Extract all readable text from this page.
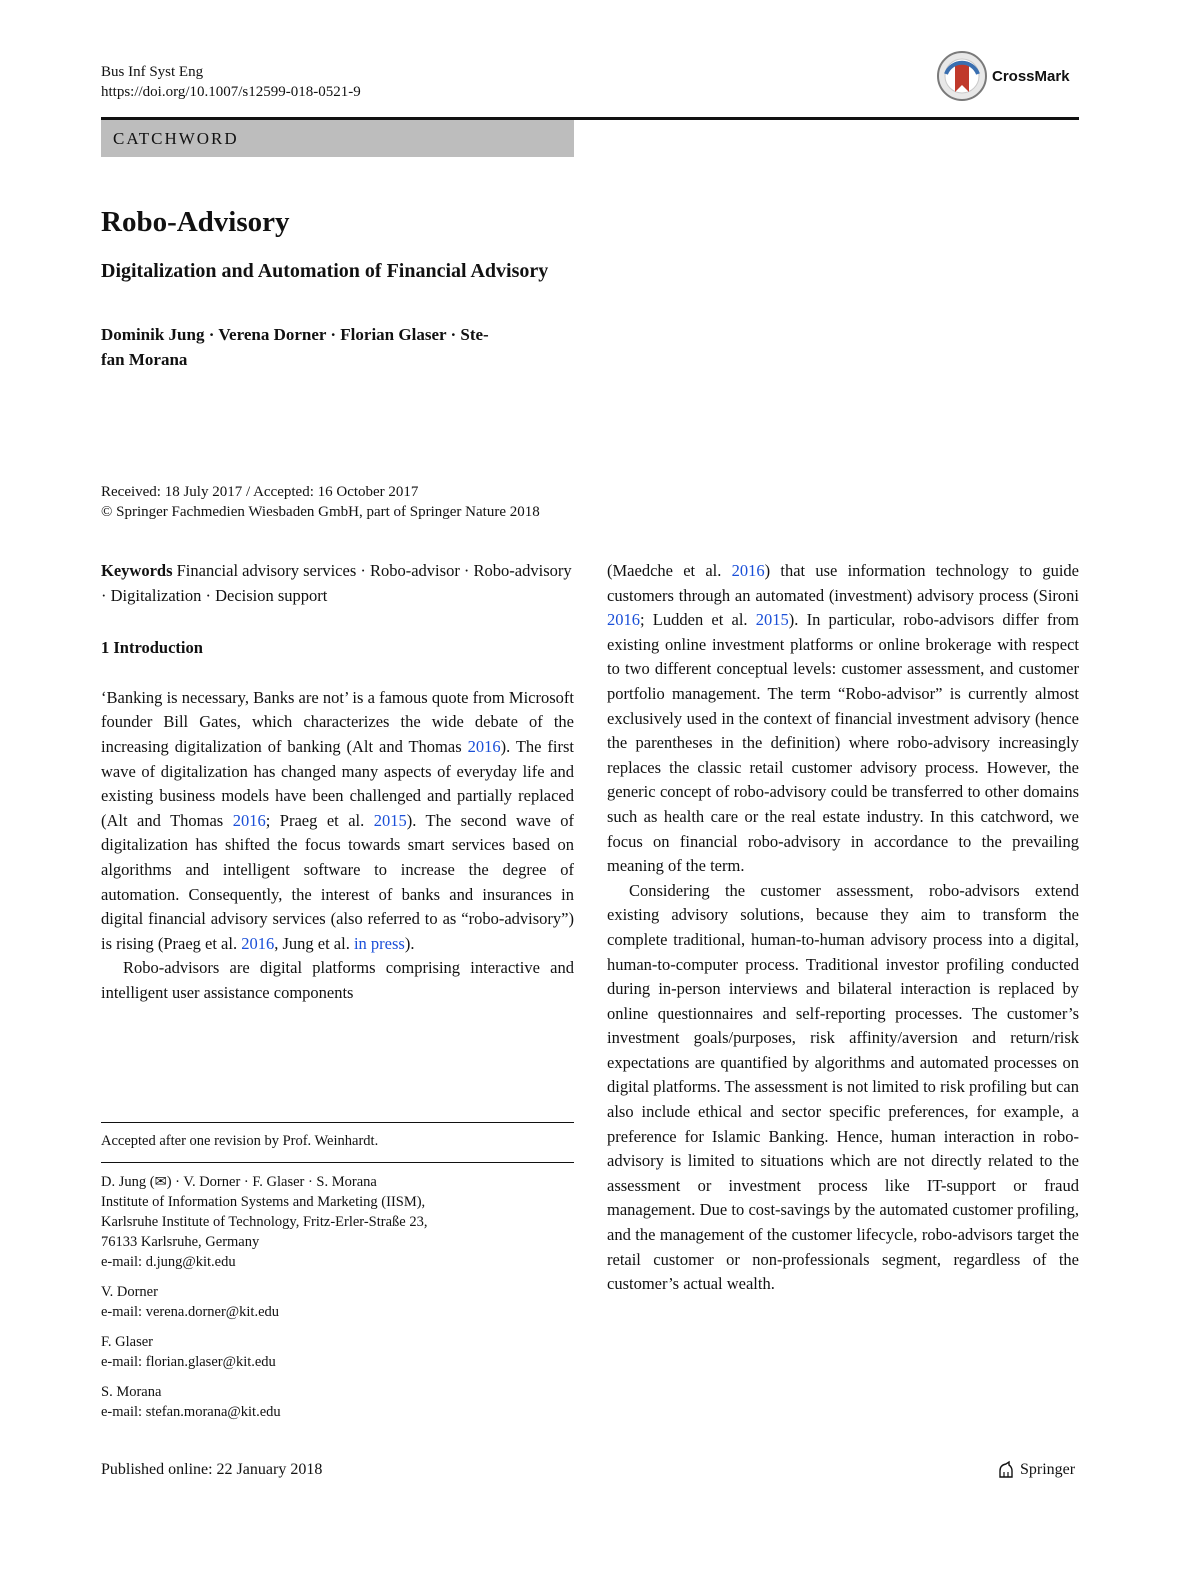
Bus Inf Syst Eng
https://doi.org/10.1007/s12599-018-0521-9
CrossMark
CATCHWORD
Robo-Advisory
Digitalization and Automation of Financial Advisory
Dominik Jung · Verena Dorner · Florian Glaser · Ste-
fan Morana
Received: 18 July 2017 / Accepted: 16 October 2017
© Springer Fachmedien Wiesbaden GmbH, part of Springer Nature 2018

Keywords Financial advisory services · Robo-advisor · Robo-advisory · Digitalization · Decision support

1 Introduction

‘Banking is necessary, Banks are not’ is a famous quote from Microsoft founder Bill Gates, which characterizes the wide debate of the increasing digitalization of banking (Alt and Thomas 2016). The first wave of digitalization has changed many aspects of everyday life and existing business models have been challenged and partially replaced (Alt and Thomas 2016; Praeg et al. 2015). The second wave of digitalization has shifted the focus towards smart services based on algorithms and intelligent software to increase the degree of automation. Consequently, the interest of banks and insurances in digital financial advisory services (also referred to as “robo-advisory”) is rising (Praeg et al. 2016, Jung et al. in press).

Robo-advisors are digital platforms comprising interactive and intelligent user assistance components

Accepted after one revision by Prof. Weinhardt.

D. Jung (✉) · V. Dorner · F. Glaser · S. Morana
Institute of Information Systems and Marketing (IISM),
Karlsruhe Institute of Technology, Fritz-Erler-Straße 23,
76133 Karlsruhe, Germany
e-mail: d.jung@kit.edu

V. Dorner
e-mail: verena.dorner@kit.edu

F. Glaser
e-mail: florian.glaser@kit.edu

S. Morana
e-mail: stefan.morana@kit.edu

(Maedche et al. 2016) that use information technology to guide customers through an automated (investment) advisory process (Sironi 2016; Ludden et al. 2015). In particular, robo-advisors differ from existing online investment platforms or online brokerage with respect to two different conceptual levels: customer assessment, and customer portfolio management. The term “Robo-advisor” is currently almost exclusively used in the context of financial investment advisory (hence the parentheses in the definition) where robo-advisory increasingly replaces the classic retail customer advisory process. However, the generic concept of robo-advisory could be transferred to other domains such as health care or the real estate industry. In this catchword, we focus on financial robo-advisory in accordance to the prevailing meaning of the term.

Considering the customer assessment, robo-advisors extend existing advisory solutions, because they aim to transform the complete traditional, human-to-human advisory process into a digital, human-to-computer process. Traditional investor profiling conducted during in-person interviews and bilateral interaction is replaced by online questionnaires and self-reporting processes. The customer’s investment goals/purposes, risk affinity/aversion and return/risk expectations are quantified by algorithms and automated processes on digital platforms. The assessment is not limited to risk profiling but can also include ethical and sector specific preferences, for example, a preference for Islamic Banking. Hence, human interaction in robo-advisory is limited to situations which are not directly related to the assessment or investment process like IT-support or fraud management. Due to cost-savings by the automated customer profiling, and the management of the customer lifecycle, robo-advisors target the retail customer or non-professionals segment, regardless of the customer’s actual wealth.

Published online: 22 January 2018	Springer
